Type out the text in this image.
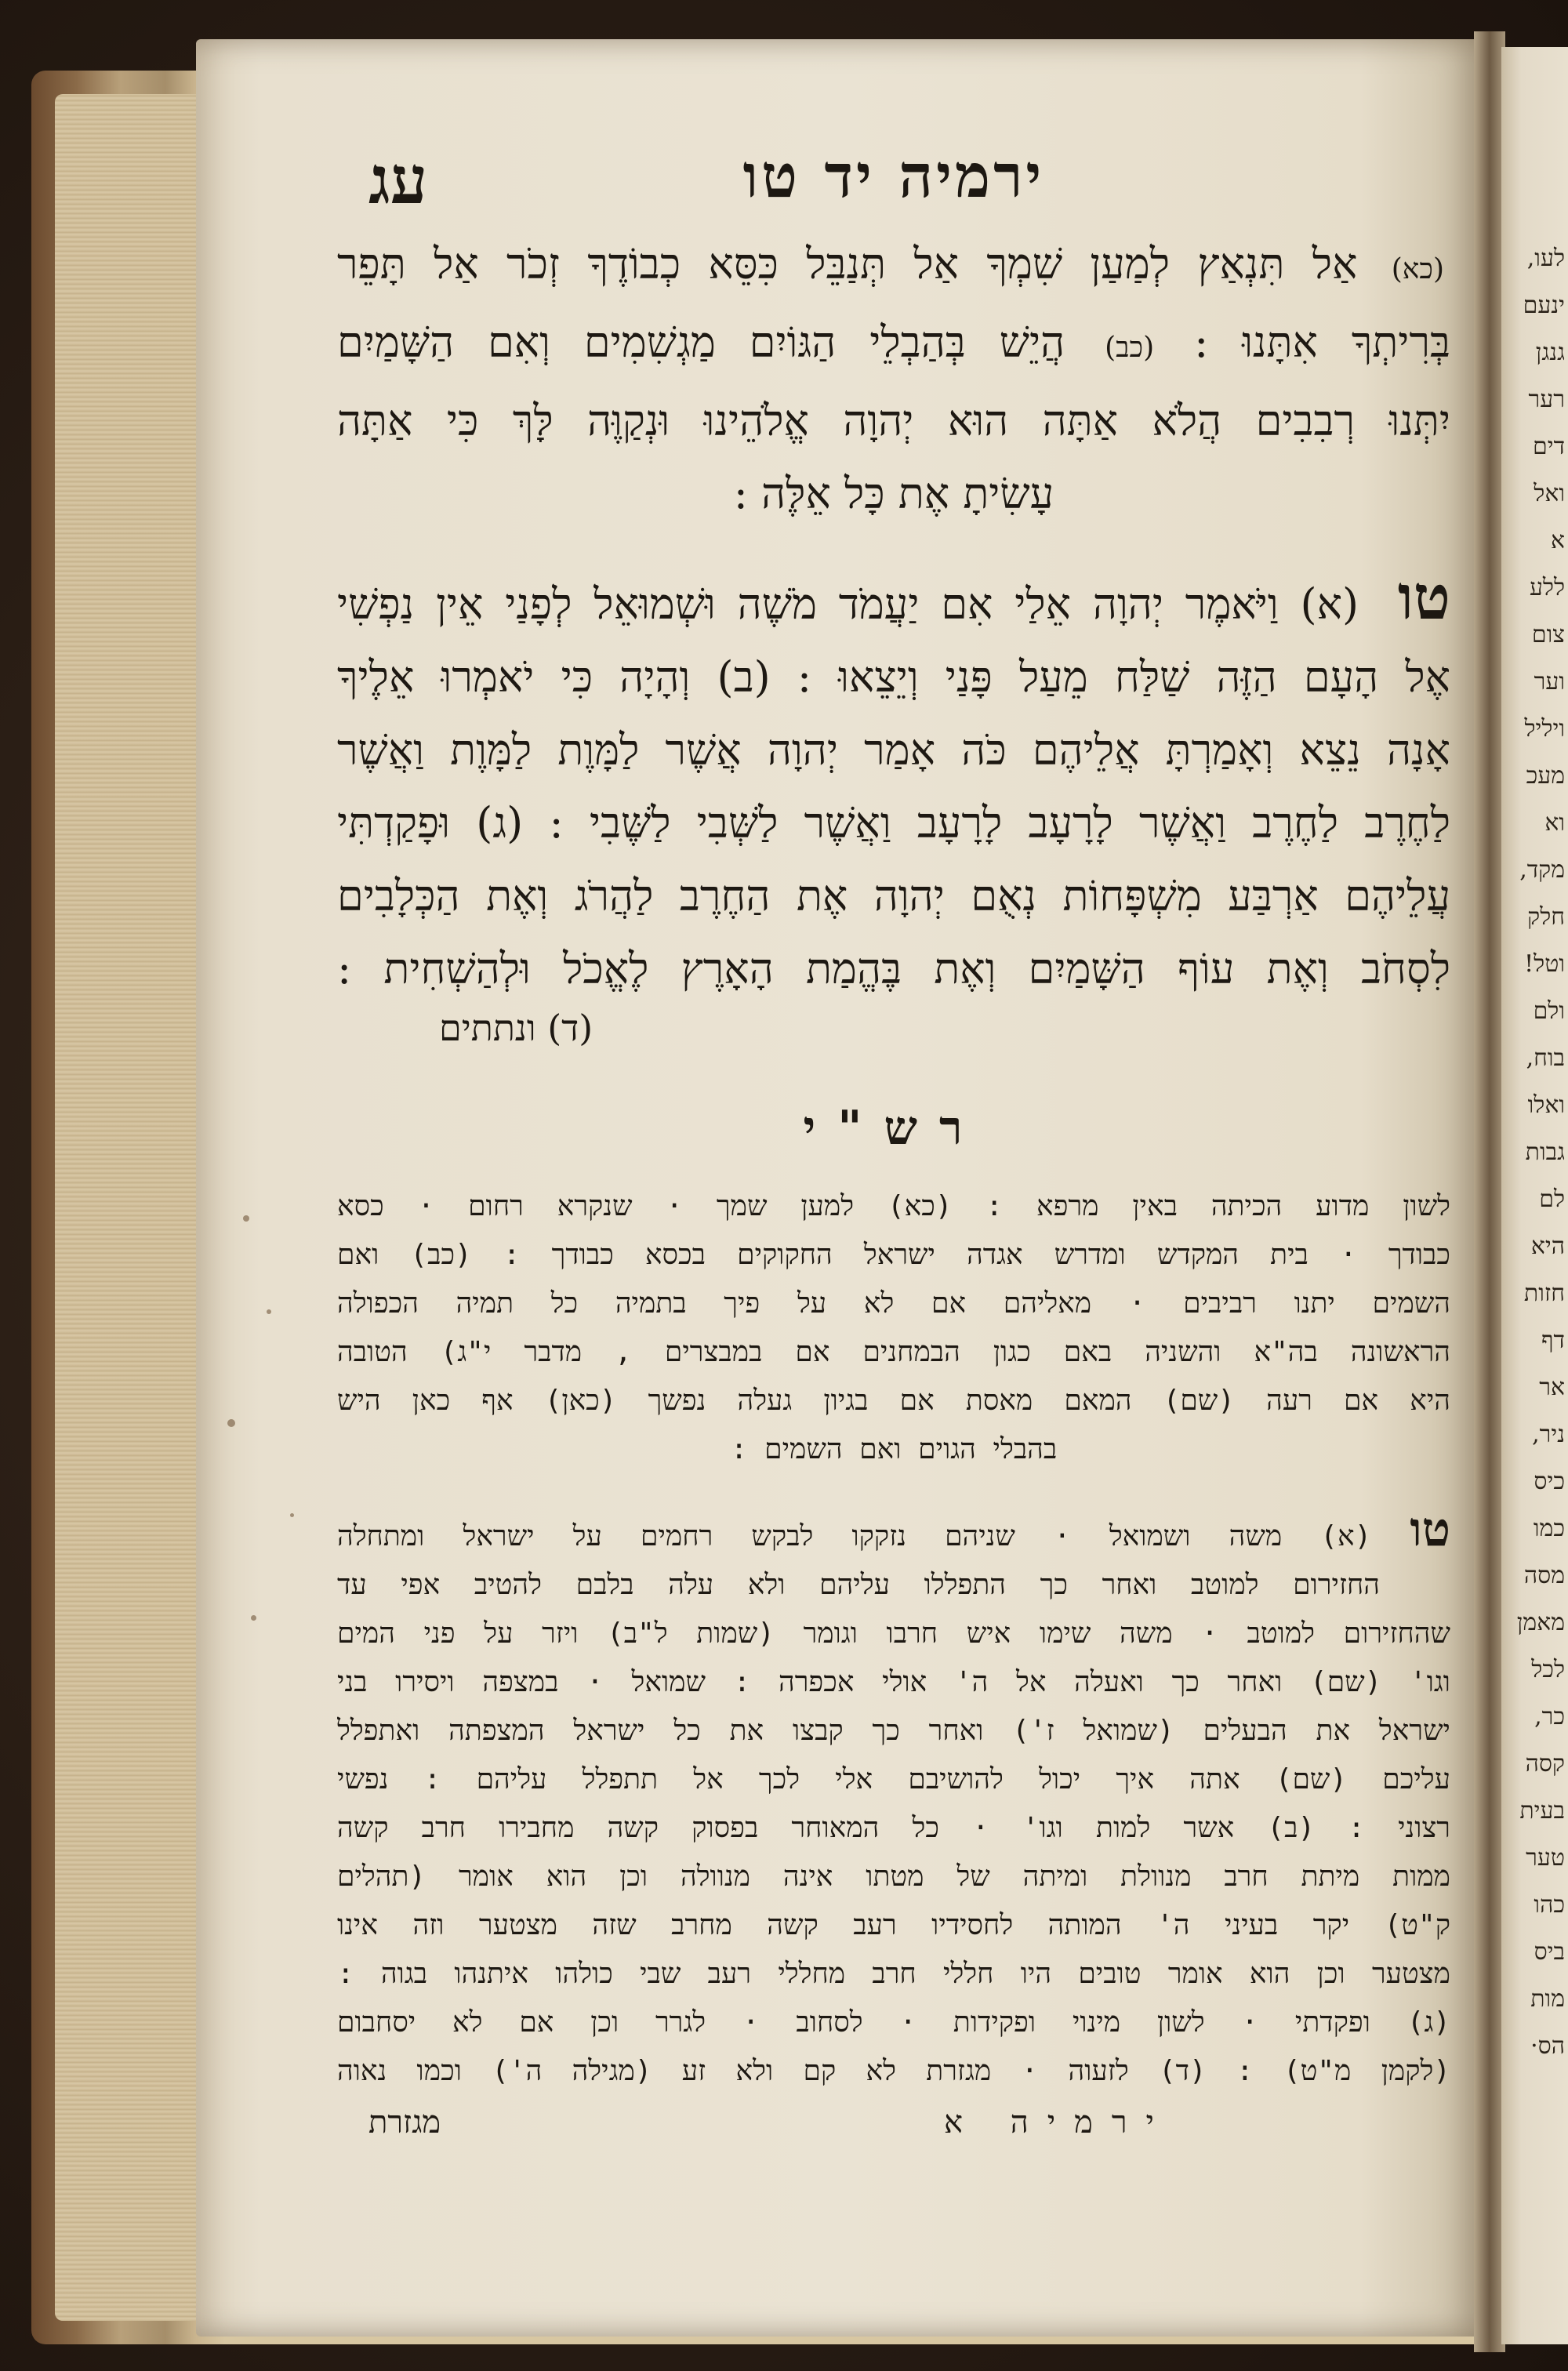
לעו,
ינעם
גנגן
רער
דים
ואל
א
ללע
צום
וער
ויליל
מעכ
וא
מקד,
חלק
וטל!
ולם
בוח,
ואלו
גבות
לם
היא
חזות
דף
אר
ניר,
כיס
כמו
מסה
מאמן
לכל
כר,
קסה
בעית
טער
כהו
ביס
מות
הס·
ירמיה יד טו
עג
(כא) אַל תִּנְאַץ לְמַעַן שִׁמְךָ אַל תְּנַבֵּל כִּסֵּא כְבוֹדֶךָ זְכֹר אַל תָּפֵר
בְּרִיתְךָ אִתָּנוּ : (כב) הֲיֵשׁ בְּהַבְלֵי הַגּוֹיִם מַגְשִׁמִים וְאִם הַשָּׁמַיִם
יִתְּנוּ רְבִבִים הֲלֹא אַתָּה הוּא יְהוָה אֱלֹהֵינוּ וּנְקַוֶּה לָּךְ כִּי אַתָּה
עָשִׂיתָ אֶת כָּל אֵלֶּה :
טו (א) וַיֹּאמֶר יְהוָה אֵלַי אִם יַעֲמֹד מֹשֶׁה וּשְׁמוּאֵל לְפָנַי אֵין נַפְשִׁי
אֶל הָעָם הַזֶּה שַׁלַּח מֵעַל פָּנַי וְיֵצֵאוּ : (ב) וְהָיָה כִּי יֹאמְרוּ אֵלֶיךָ
אָנָה נֵצֵא וְאָמַרְתָּ אֲלֵיהֶם כֹּה אָמַר יְהוָה אֲשֶׁר לַמָּוֶת לַמָּוֶת וַאֲשֶׁר
לַחֶרֶב לַחֶרֶב וַאֲשֶׁר לָרָעָב לָרָעָב וַאֲשֶׁר לַשְּׁבִי לַשֶּׁבִי : (ג) וּפָקַדְתִּי
עֲלֵיהֶם אַרְבַּע מִשְׁפָּחוֹת נְאֻם יְהוָה אֶת הַחֶרֶב לַהֲרֹג וְאֶת הַכְּלָבִים
לִסְחֹב וְאֶת עוֹף הַשָּׁמַיִם וְאֶת בֶּהֱמַת הָאָרֶץ לֶאֱכֹל וּלְהַשְׁחִית :
(ד) ונתתים
רש"י
לשון מדוע הכיתה באין מרפא : (כא) למען שמך · שנקרא רחום · כסא
כבודך · בית המקדש ומדרש אגדה ישראל החקוקים בכסא כבודך : (כב) ואם
השמים יתנו רביבים · מאליהם אם לא על פיך בתמיה כל תמיה הכפולה
הראשונה בה"א והשניה באם כגון הבמחנים אם במבצרים , מדבר י"ג) הטובה
היא אם רעה (שם) המאם מאסת אם בגיון געלה נפשך (כאן) אף כאן היש
בהבלי הגוים ואם השמים :
טו (א) משה ושמואל · שניהם נזקקו לבקש רחמים על ישראל ומתחלה
החזירום למוטב ואחר כך התפללו עליהם ולא עלה בלבם להטיב אפי עד
שהחזירום למוטב · משה שימו איש חרבו וגומר (שמות ל"ב) ויזר על פני המים
וגו' (שם) ואחר כך ואעלה אל ה' אולי אכפרה : שמואל · במצפה ויסירו בני
ישראל את הבעלים (שמואל ז') ואחר כך קבצו את כל ישראל המצפתה ואתפלל
עליכם (שם) אתה איך יכול להושיבם אלי לכך אל תתפלל עליהם : נפשי
רצוני : (ב) אשר למות וגו' · כל המאוחר בפסוק קשה מחבירו חרב קשה
ממות מיתת חרב מנוולת ומיתה של מטתו אינה מנוולה וכן הוא אומר (תהלים
ק"ט) יקר בעיני ה' המותה לחסידיו רעב קשה מחרב שזה מצטער וזה אינו
מצטער וכן הוא אומר טובים היו חללי חרב מחללי רעב שבי כולהו איתנהו בגוה :
(ג) ופקדתי · לשון מינוי ופקידות · לסחוב · לגרר וכן אם לא יסחבום
(לקמן מ"ט) : (ד) לזעוה · מגזרת לא קם ולא זע (מגילה ה') וכמו נאוה
ירמיה א
מגזרת
